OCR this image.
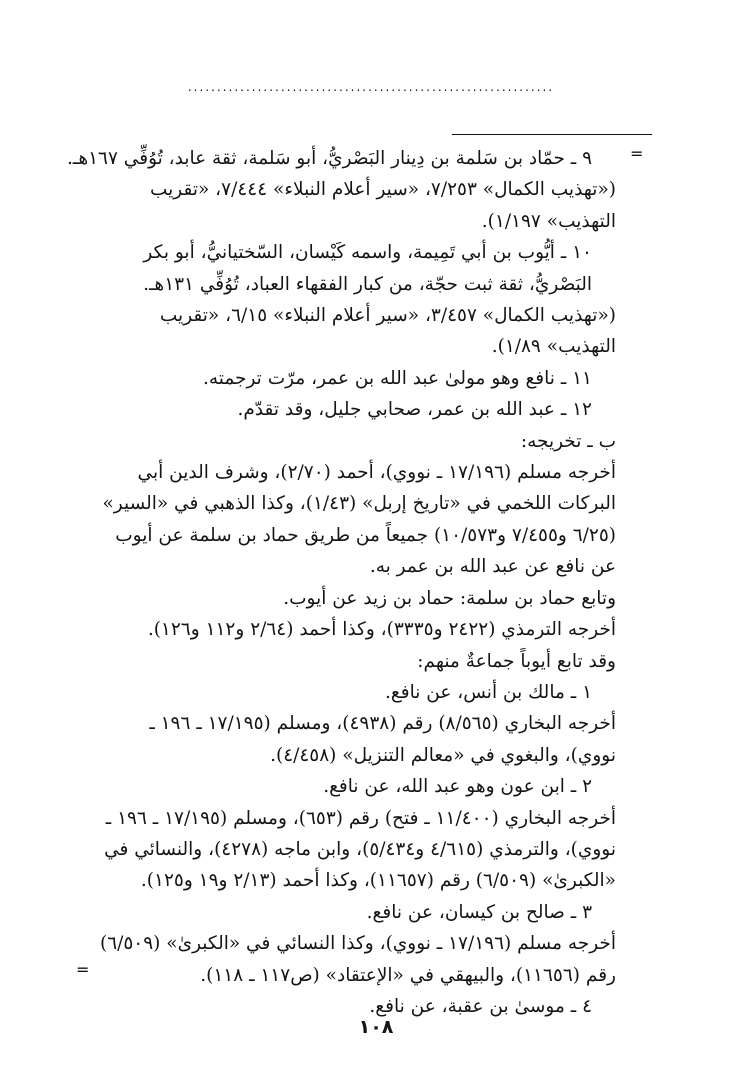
...............................................................
=

٩ ـ حمّاد بن سَلمة بن دِينار البَصْريُّ، أبو سَلمة، ثقة عابد، تُوُفِّي ١٦٧هـ.

(«تهذيب الكمال» ٧/٢٥٣، «سير أعلام النبلاء» ٧/٤٤٤، «تقريب التهذيب» ١/١٩٧).

١٠ ـ أيُّوب بن أبي تَمِيمة، واسمه كَيْسان، السّختيانيُّ، أبو بكر البَصْريُّ، ثقة ثبت حجّة، من كبار الفقهاء العباد، تُوُفِّي ١٣١هـ.

(«تهذيب الكمال» ٣/٤٥٧، «سير أعلام النبلاء» ٦/١٥، «تقريب التهذيب» ١/٨٩).

١١ ـ نافع وهو مولىٰ عبد الله بن عمر، مرّت ترجمته.

١٢ ـ عبد الله بن عمر، صحابي جليل، وقد تقدّم.

ب ـ تخريجه:

أخرجه مسلم (١٧/١٩٦ ـ نووي)، أحمد (٢/٧٠)، وشرف الدين أبي البركات اللخمي في «تاريخ إربل» (١/٤٣)، وكذا الذهبي في «السير» (٦/٢٥ و٧/٤٥٥ و١٠/٥٧٣) جميعاً من طريق حماد بن سلمة عن أيوب عن نافع عن عبد الله بن عمر به.

وتابع حماد بن سلمة: حماد بن زيد عن أيوب.

أخرجه الترمذي (٢٤٢٢ و٣٣٣٥)، وكذا أحمد (٢/٦٤ و١١٢ و١٢٦).

وقد تابع أيوباً جماعةٌ منهم:

١ ـ مالك بن أنس، عن نافع.

أخرجه البخاري (٨/٥٦٥) رقم (٤٩٣٨)، ومسلم (١٧/١٩٥ ـ ١٩٦ ـ نووي)، والبغوي في «معالم التنزيل» (٤/٤٥٨).

٢ ـ ابن عون وهو عبد الله، عن نافع.

أخرجه البخاري (١١/٤٠٠ ـ فتح) رقم (٦٥٣)، ومسلم (١٧/١٩٥ ـ ١٩٦ ـ نووي)، والترمذي (٤/٦١٥ و٥/٤٣٤)، وابن ماجه (٤٢٧٨)، والنسائي في «الكبرىٰ» (٦/٥٠٩) رقم (١١٦٥٧)، وكذا أحمد (٢/١٣ و١٩ و١٢٥).

٣ ـ صالح بن كيسان، عن نافع.

أخرجه مسلم (١٧/١٩٦ ـ نووي)، وكذا النسائي في «الكبرىٰ» (٦/٥٠٩) رقم (١١٦٥٦)، والبيهقي في «الإعتقاد» (ص١١٧ ـ ١١٨).

٤ ـ موسىٰ بن عقبة، عن نافع.

=
١٠٨
